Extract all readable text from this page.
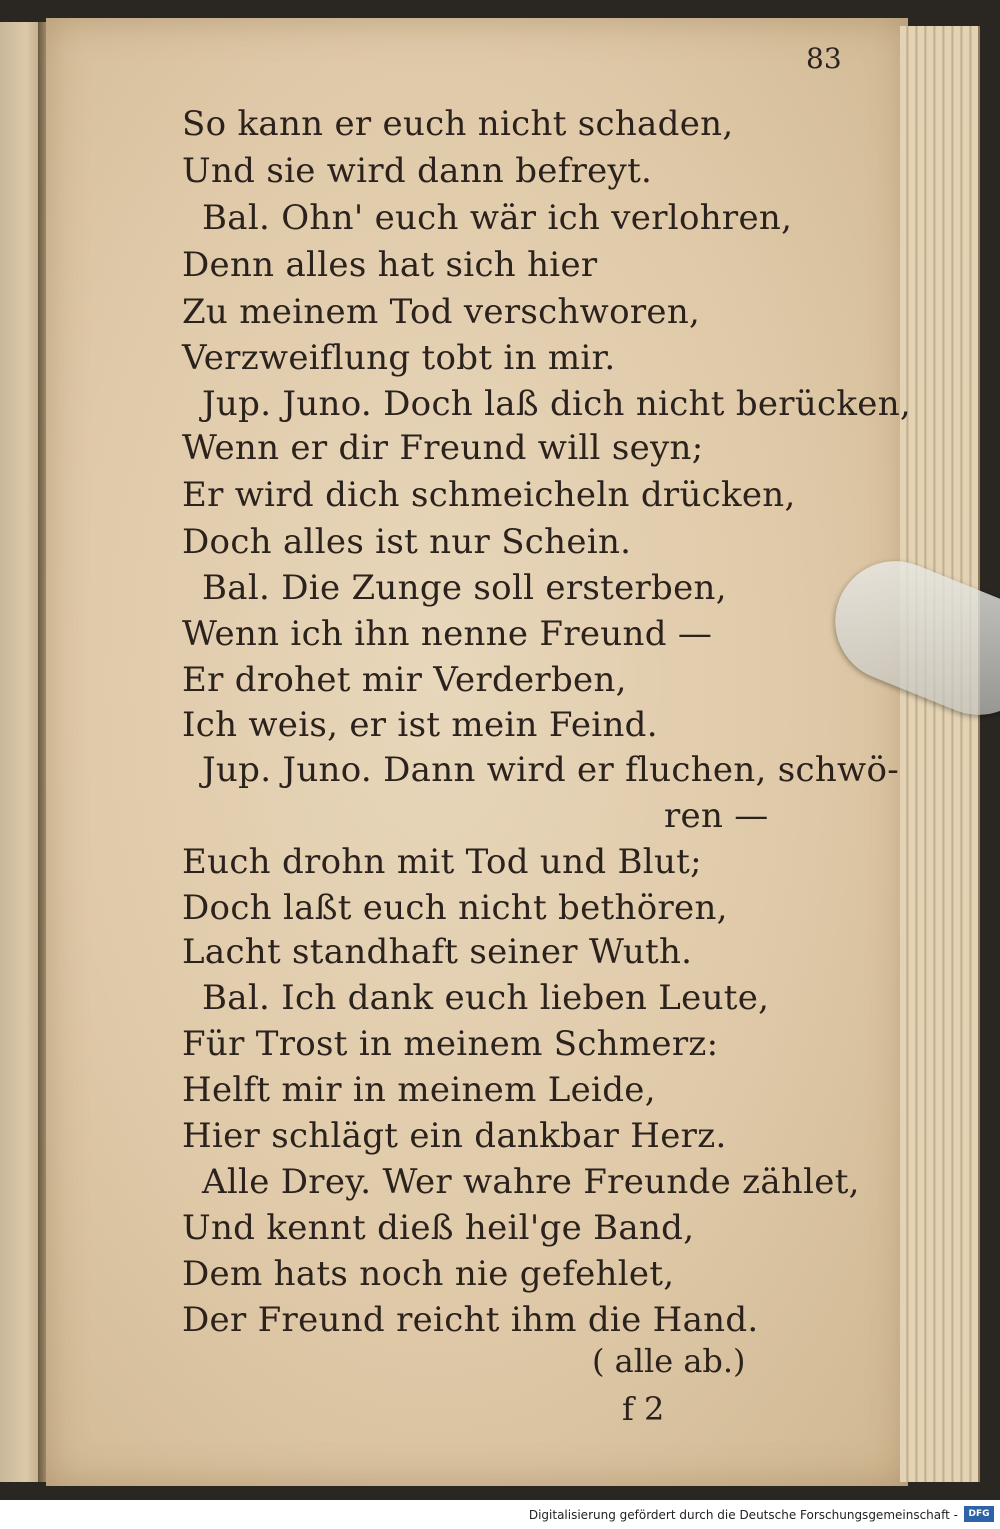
83
So kann er euch nicht schaden,
Und sie wird dann befreyt.
Bal. Ohn' euch wär ich verlohren,
Denn alles hat sich hier
Zu meinem Tod verschworen,
Verzweiflung tobt in mir.
Jup. Juno. Doch laß dich nicht berücken,
Wenn er dir Freund will seyn;
Er wird dich schmeicheln drücken,
Doch alles ist nur Schein.
Bal. Die Zunge soll ersterben,
Wenn ich ihn nenne Freund —
Er drohet mir Verderben,
Ich weis, er ist mein Feind.
Jup. Juno. Dann wird er fluchen, schwö-
ren —
Euch drohn mit Tod und Blut;
Doch laßt euch nicht bethören,
Lacht standhaft seiner Wuth.
Bal. Ich dank euch lieben Leute,
Für Trost in meinem Schmerz:
Helft mir in meinem Leide,
Hier schlägt ein dankbar Herz.
Alle Drey. Wer wahre Freunde zählet,
Und kennt dieß heil'ge Band,
Dem hats noch nie gefehlet,
Der Freund reicht ihm die Hand.
( alle ab.)
f 2
Digitalisierung gefördert durch die Deutsche Forschungsgemeinschaft -	DFG
